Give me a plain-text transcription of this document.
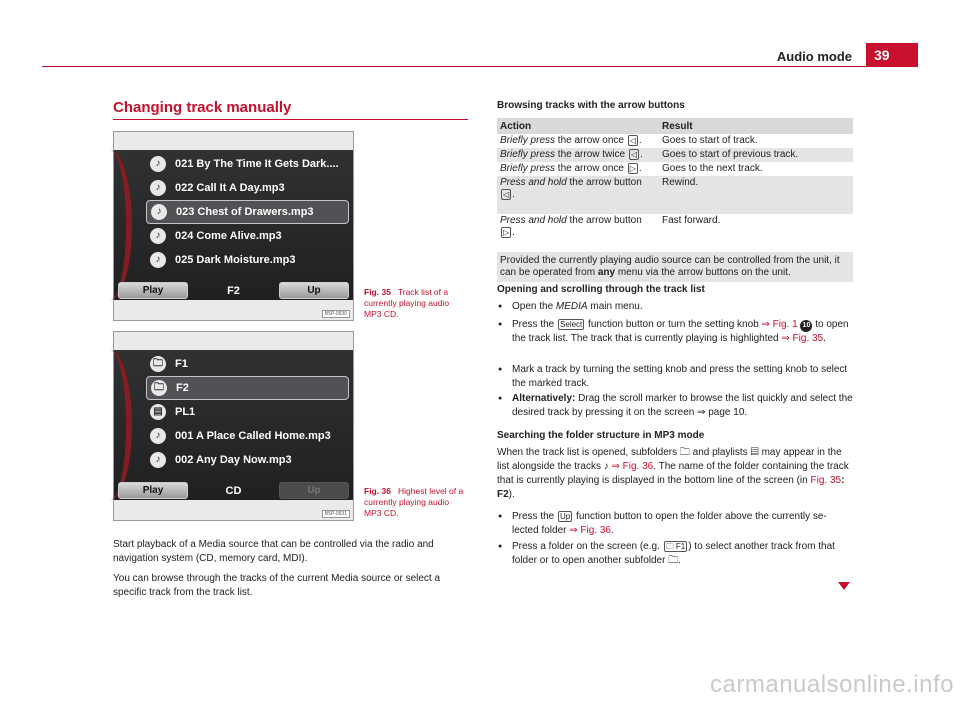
Audio mode	39
Changing track manually
♪	021 By The Time It Gets Dark....
♪	022 Call It A Day.mp3
♪	023 Chest of Drawers.mp3
♪	024 Come Alive.mp3
♪	025 Dark Moisture.mp3
Play	F2	Up
B5P-0530
Fig. 35 Track list of a currently playing audio MP3 CD.
🗀 F1
🗀 F2
▤ PL1
♪	001 A Place Called Home.mp3
♪	002 Any Day Now.mp3
Play	CD	Up
B5P-0531
Fig. 36 Highest level of a currently playing audio MP3 CD.

Start playback of a Media source that can be controlled via the radio and navigation system (CD, memory card, MDI).

You can browse through the tracks of the current Media source or select a specific track from the track list.

Browsing tracks with the arrow buttons
Action	Result
Briefly press the arrow once ◁ .	Goes to start of track.
Briefly press the arrow twice ◁ .	Goes to start of previous track.
Briefly press the arrow once ▷ .	Goes to the next track.
Press and hold the arrow button
◁ .	Rewind.
Press and hold the arrow button
▷ .	Fast forward.
Provided the currently playing audio source can be controlled from the unit, it can be operated from any menu via the arrow buttons on the unit.	
Opening and scrolling through the track list
● Open the MEDIA main menu.
● Press the Select function button or turn the setting knob ⇒ Fig. 1 10 to open the track list. The track that is currently playing is highlighted ⇒ Fig. 35.
● Mark a track by turning the setting knob and press the setting knob to select the marked track.
● Alternatively: Drag the scroll marker to browse the list quickly and select the desired track by pressing it on the screen ⇒ page 10.
Searching the folder structure in MP3 mode
When the track list is opened, subfolders 🗀 and playlists ▤ may appear in the list alongside the tracks ♪ ⇒ Fig. 36. The name of the folder containing the track that is currently playing is displayed in the bottom line of the screen (in Fig. 35: F2).
● Press the Up function button to open the folder above the currently se-lected folder ⇒ Fig. 36.
● Press a folder on the screen (e.g. 🗀 F1 ) to select another track from that folder or to open another subfolder 🗀.
carmanualsonline.info
